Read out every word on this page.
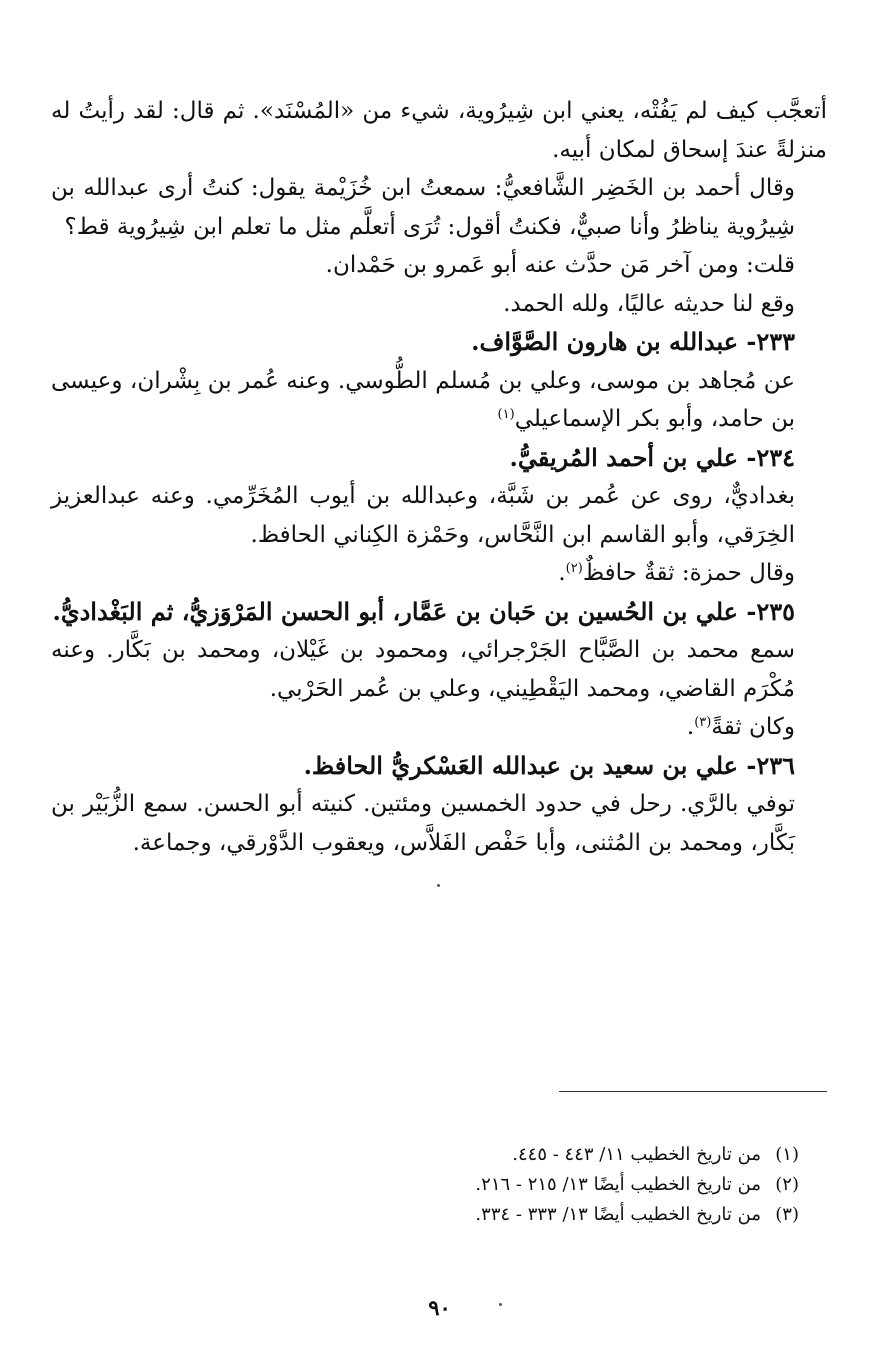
أتعجَّب كيف لم يَفُتْه، يعني ابن شِيرُوية، شيء من «المُسْنَد». ثم قال: لقد رأيتُ له منزلةً عندَ إسحاق لمكان أبيه.

وقال أحمد بن الخَضِر الشَّافعيُّ: سمعتُ ابن خُزَيْمة يقول: كنتُ أرى عبدالله بن شِيرُوية يناظرُ وأنا صبيٌّ، فكنتُ أقول: تُرَى أتعلَّم مثل ما تعلم ابن شِيرُوية قط؟

قلت: ومن آخر مَن حدَّث عنه أبو عَمرو بن حَمْدان.

وقع لنا حديثه عاليًا، ولله الحمد.

٢٣٣- عبدالله بن هارون الصَّوَّاف.

عن مُجاهد بن موسى، وعلي بن مُسلم الطُّوسي. وعنه عُمر بن بِشْران، وعيسى بن حامد، وأبو بكر الإسماعيلي$^{(١)}$

٢٣٤- علي بن أحمد المُريقيُّ.

بغداديٌّ، روى عن عُمر بن شَبَّة، وعبدالله بن أيوب المُخَرِّمي. وعنه عبدالعزيز الخِرَقي، وأبو القاسم ابن النَّحَّاس، وحَمْزة الكِناني الحافظ.

وقال حمزة: ثقةٌ حافظٌ$^{(٢)}$.

٢٣٥- علي بن الحُسين بن حَبان بن عَمَّار، أبو الحسن المَرْوَزيُّ، ثم البَغْداديُّ.

سمع محمد بن الصَّبَّاح الجَرْجرائي، ومحمود بن غَيْلان، ومحمد بن بَكَّار. وعنه مُكْرَم القاضي، ومحمد اليَقْطِيني، وعلي بن عُمر الحَرْبي.

وكان ثقةً$^{(٣)}$.

٢٣٦- علي بن سعيد بن عبدالله العَسْكريُّ الحافظ.

توفي بالرَّي. رحل في حدود الخمسين ومئتين. كنيته أبو الحسن. سمع الزُّبَيْر بن بَكَّار، ومحمد بن المُثنى، وأبا حَفْص الفَلاَّس، ويعقوب الدَّوْرقي، وجماعة.

(١)من تاريخ الخطيب ١١/ ٤٤٣ - ٤٤٥.

(٢)من تاريخ الخطيب أيضًا ١٣/ ٢١٥ - ٢١٦.

(٣)من تاريخ الخطيب أيضًا ١٣/ ٣٣٣ - ٣٣٤.

٩٠
